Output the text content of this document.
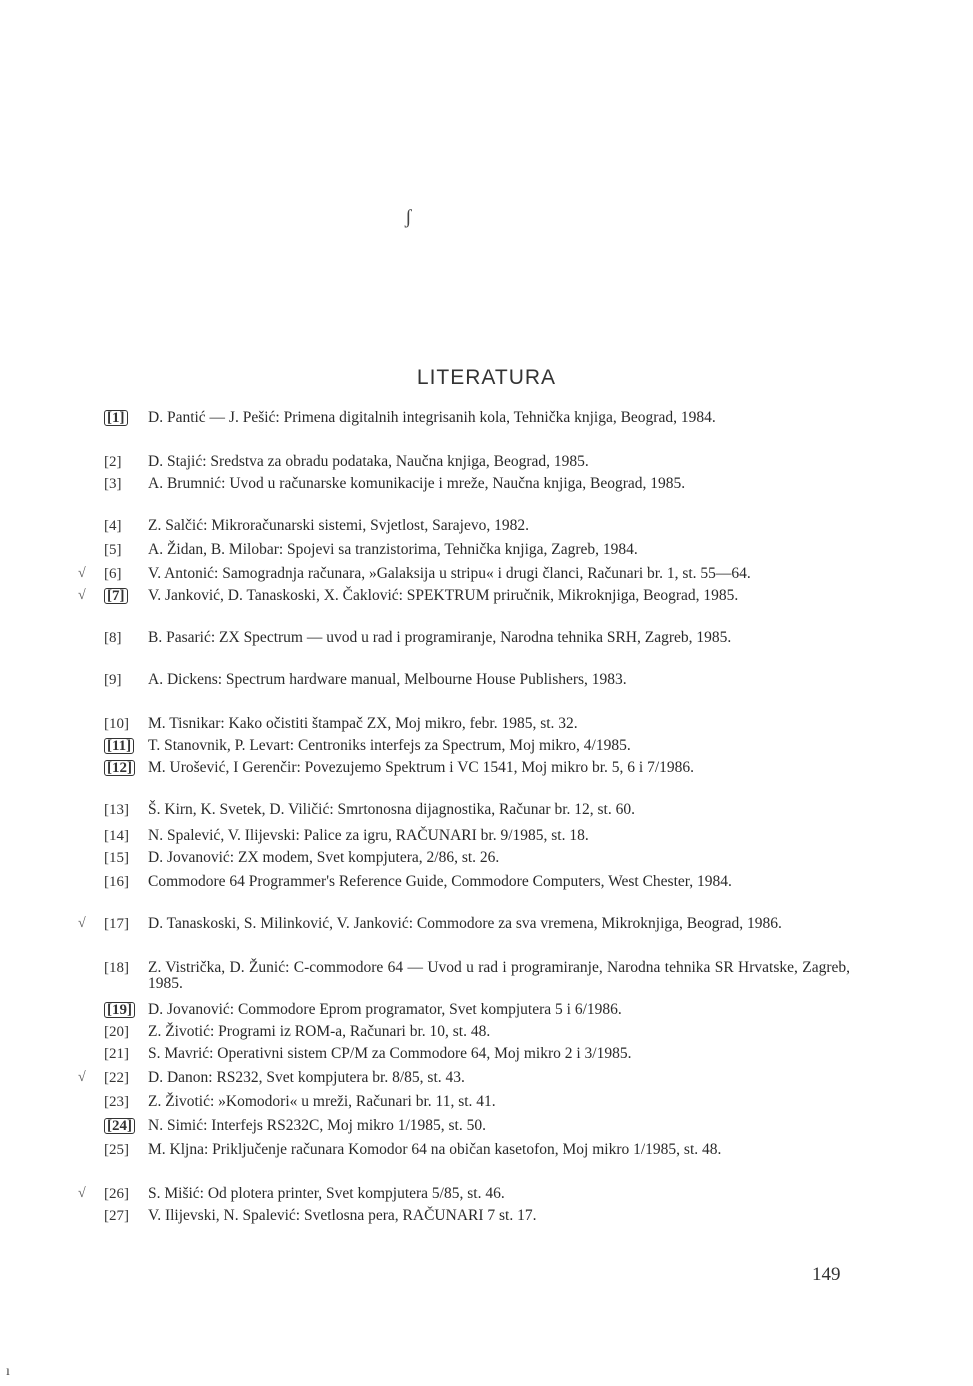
ʃ
ı
LITERATURA
[1]	D. Pantić — J. Pešić: Primena digitalnih integrisanih kola, Tehnička knjiga, Beograd, 1984.
[2]	D. Stajić: Sredstva za obradu podataka, Naučna knjiga, Beograd, 1985.
[3]	A. Brumnić: Uvod u računarske komunikacije i mreže, Naučna knjiga, Beograd, 1985.
[4]	Z. Salčić: Mikroračunarski sistemi, Svjetlost, Sarajevo, 1982.
[5]	A. Židan, B. Milobar: Spojevi sa tranzistorima, Tehnička knjiga, Zagreb, 1984.
√	[6]	V. Antonić: Samogradnja računara, »Galaksija u stripu« i drugi članci, Računari br. 1, st. 55—64.
√	[7]	V. Janković, D. Tanaskoski, X. Čaklović: SPEKTRUM priručnik, Mikroknjiga, Beograd, 1985.
[8]	B. Pasarić: ZX Spectrum — uvod u rad i programiranje, Narodna tehnika SRH, Zagreb, 1985.
[9]	A. Dickens: Spectrum hardware manual, Melbourne House Publishers, 1983.
[10]	M. Tisnikar: Kako očistiti štampač ZX, Moj mikro, febr. 1985, st. 32.
[11]	T. Stanovnik, P. Levart: Centroniks interfejs za Spectrum, Moj mikro, 4/1985.
[12]	M. Urošević, I Gerenčir: Povezujemo Spektrum i VC 1541, Moj mikro br. 5, 6 i 7/1986.
[13]	Š. Kirn, K. Svetek, D. Viličić: Smrtonosna dijagnostika, Računar br. 12, st. 60.
[14]	N. Spalević, V. Ilijevski: Palice za igru, RAČUNARI br. 9/1985, st. 18.
[15]	D. Jovanović: ZX modem, Svet kompjutera, 2/86, st. 26.
[16]	Commodore 64 Programmer's Reference Guide, Commodore Computers, West Chester, 1984.
√	[17]	D. Tanaskoski, S. Milinković, V. Janković: Commodore za sva vremena, Mikroknjiga, Beograd, 1986.
[18]	Z. Vistrička, D. Žunić: C-commodore 64 — Uvod u rad i programiranje, Narodna tehnika SR Hrvatske, Zagreb, 1985.
[19]	D. Jovanović: Commodore Eprom programator, Svet kompjutera 5 i 6/1986.
[20]	Z. Životić: Programi iz ROM-a, Računari br. 10, st. 48.
[21]	S. Mavrić: Operativni sistem CP/M za Commodore 64, Moj mikro 2 i 3/1985.
√	[22]	D. Danon: RS232, Svet kompjutera br. 8/85, st. 43.
[23]	Z. Životić: »Komodori« u mreži, Računari br. 11, st. 41.
[24]	N. Simić: Interfejs RS232C, Moj mikro 1/1985, st. 50.
[25]	M. Kljna: Priključenje računara Komodor 64 na običan kasetofon, Moj mikro 1/1985, st. 48.
√	[26]	S. Mišić: Od plotera printer, Svet kompjutera 5/85, st. 46.
[27]	V. Ilijevski, N. Spalević: Svetlosna pera, RAČUNARI 7 st. 17.
149
